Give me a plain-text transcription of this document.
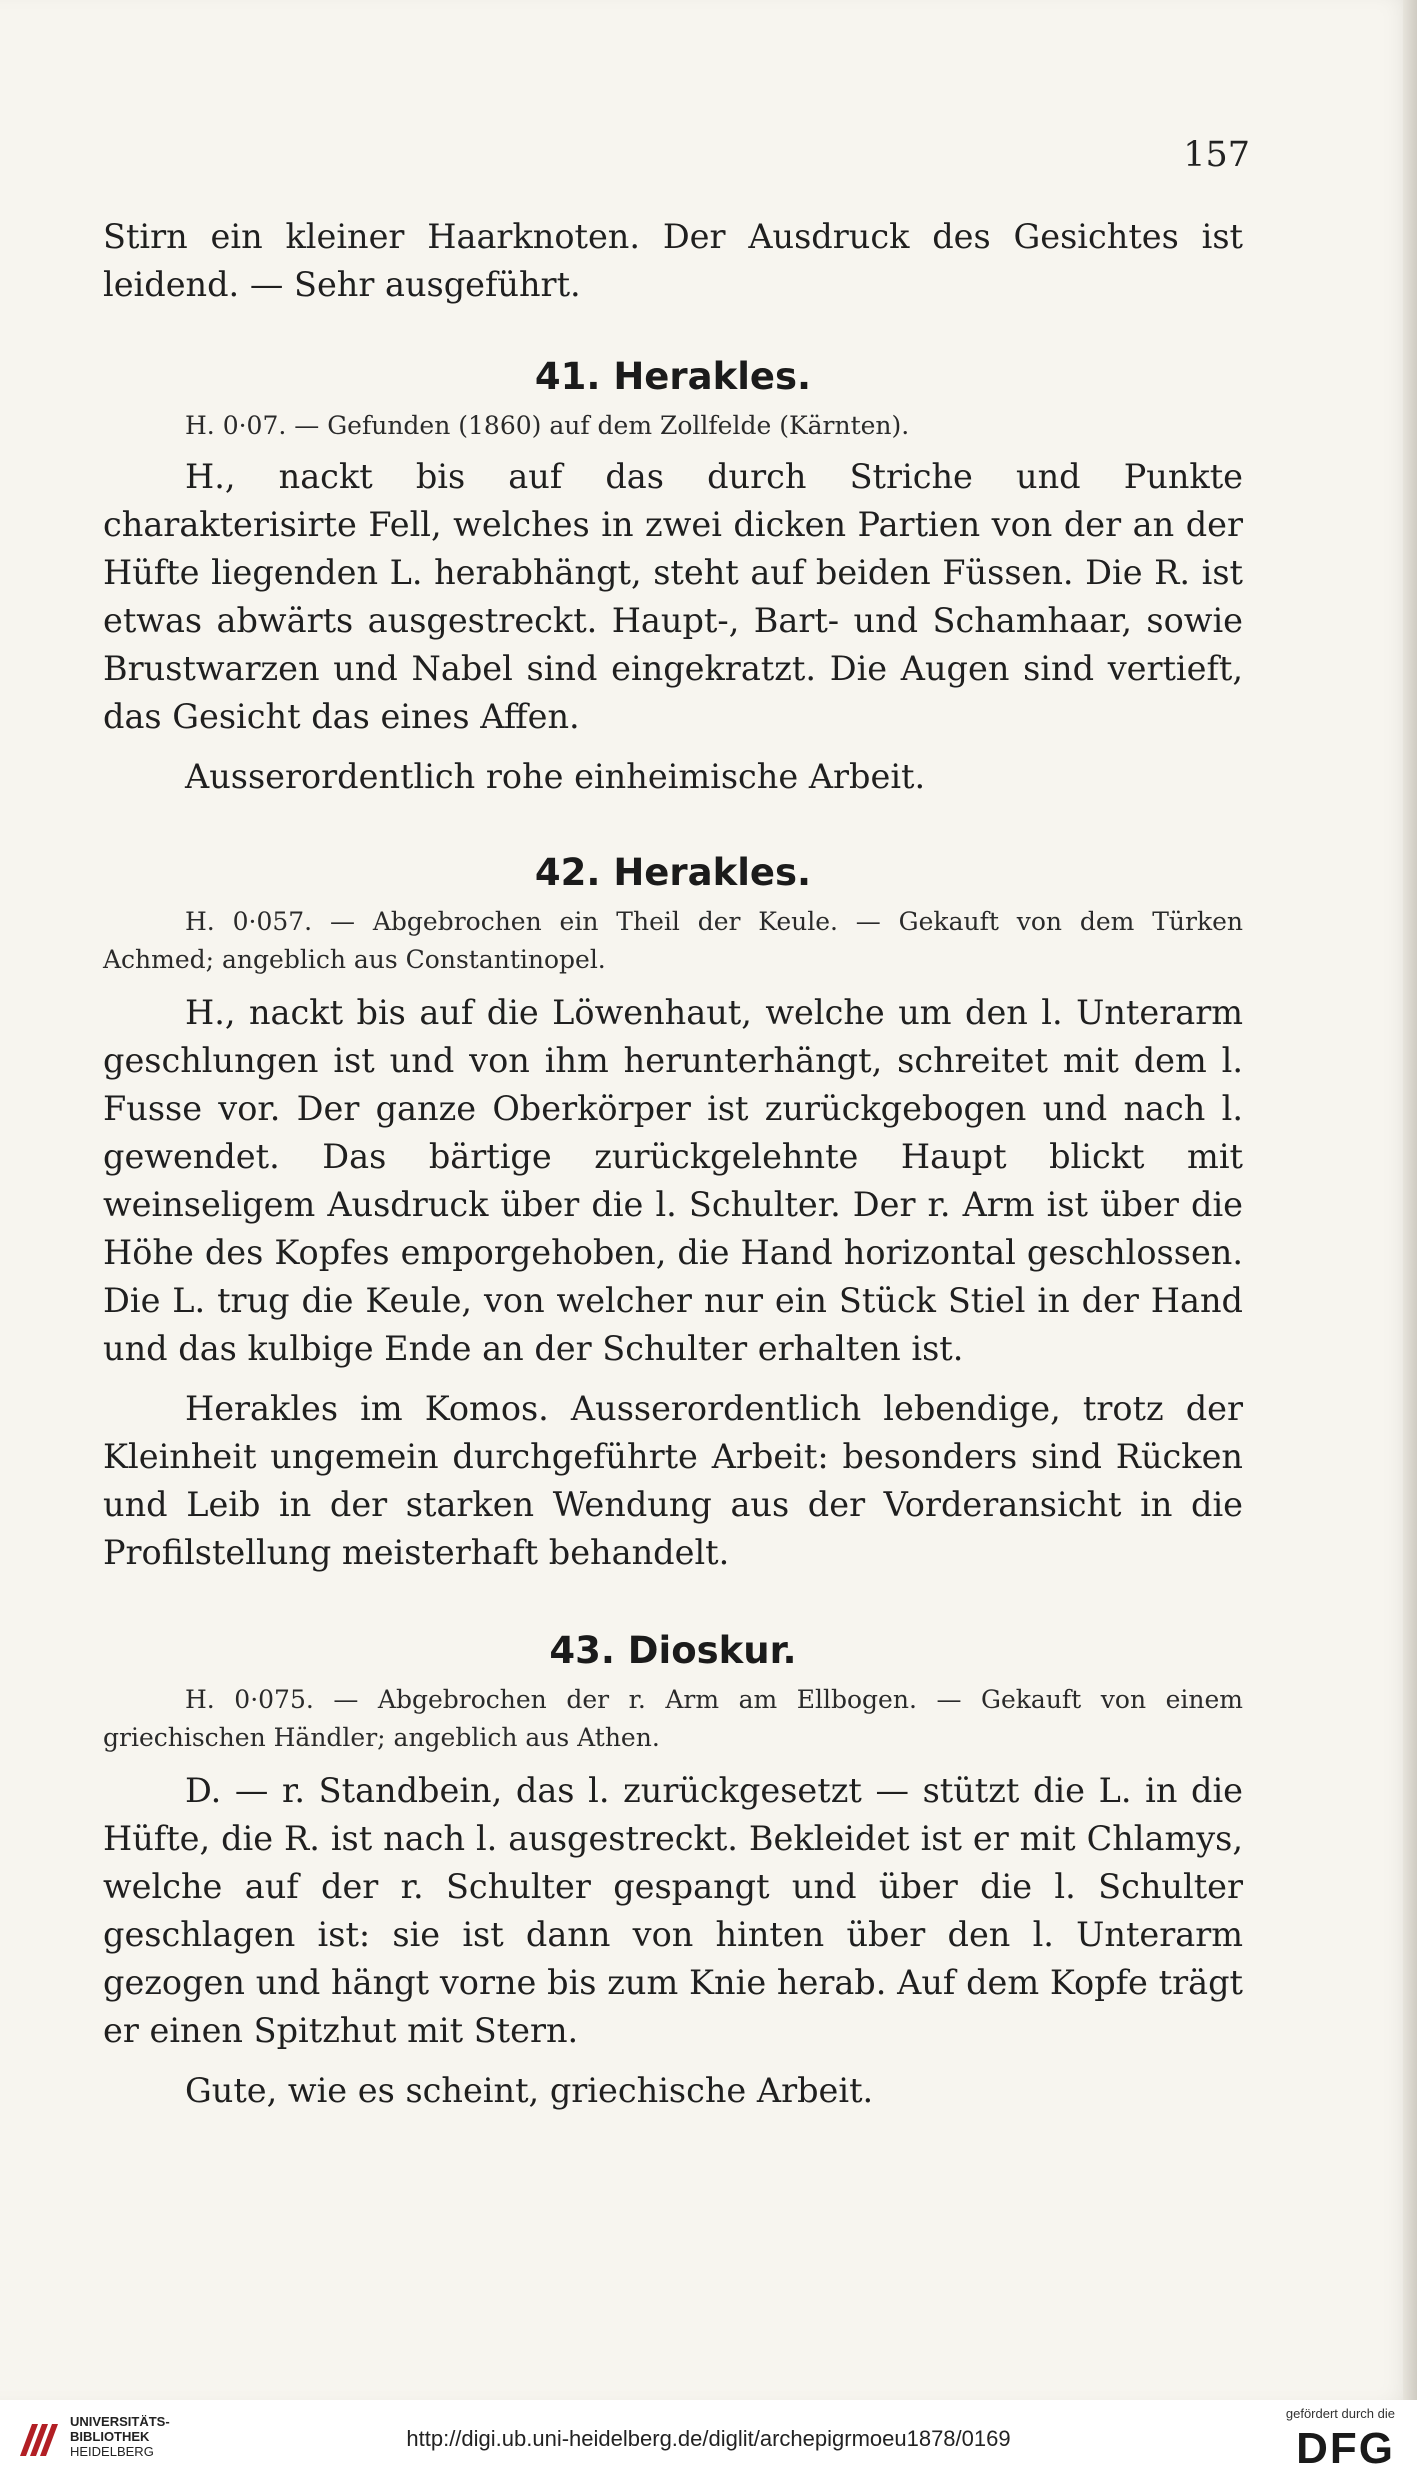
157

Stirn ein kleiner Haarknoten. Der Ausdruck des Gesichtes ist leidend. — Sehr ausgeführt.

41. Herakles.
H. 0·07. — Gefunden (1860) auf dem Zollfelde (Kärnten).

H., nackt bis auf das durch Striche und Punkte charakterisirte Fell, welches in zwei dicken Partien von der an der Hüfte liegenden L. herabhängt, steht auf beiden Füssen. Die R. ist etwas abwärts ausgestreckt. Haupt-, Bart- und Schamhaar, sowie Brustwarzen und Nabel sind eingekratzt. Die Augen sind vertieft, das Gesicht das eines Affen.

Ausserordentlich rohe einheimische Arbeit.

42. Herakles.
H. 0·057. — Abgebrochen ein Theil der Keule. — Gekauft von dem Türken Achmed; angeblich aus Constantinopel.

H., nackt bis auf die Löwenhaut, welche um den l. Unterarm geschlungen ist und von ihm herunterhängt, schreitet mit dem l. Fusse vor. Der ganze Oberkörper ist zurückgebogen und nach l. gewendet. Das bärtige zurückgelehnte Haupt blickt mit weinseligem Ausdruck über die l. Schulter. Der r. Arm ist über die Höhe des Kopfes emporgehoben, die Hand horizontal geschlossen. Die L. trug die Keule, von welcher nur ein Stück Stiel in der Hand und das kulbige Ende an der Schulter erhalten ist.

Herakles im Komos. Ausserordentlich lebendige, trotz der Kleinheit ungemein durchgeführte Arbeit: besonders sind Rücken und Leib in der starken Wendung aus der Vorderansicht in die Profilstellung meisterhaft behandelt.

43. Dioskur.
H. 0·075. — Abgebrochen der r. Arm am Ellbogen. — Gekauft von einem griechischen Händler; angeblich aus Athen.

D. — r. Standbein, das l. zurückgesetzt — stützt die L. in die Hüfte, die R. ist nach l. ausgestreckt. Bekleidet ist er mit Chlamys, welche auf der r. Schulter gespangt und über die l. Schulter geschlagen ist: sie ist dann von hinten über den l. Unterarm gezogen und hängt vorne bis zum Knie herab. Auf dem Kopfe trägt er einen Spitzhut mit Stern.

Gute, wie es scheint, griechische Arbeit.

UNIVERSITÄTS-
BIBLIOTHEK
HEIDELBERG
http://digi.ub.uni-heidelberg.de/diglit/archepigrmoeu1878/0169
gefördert durch die
DFG
